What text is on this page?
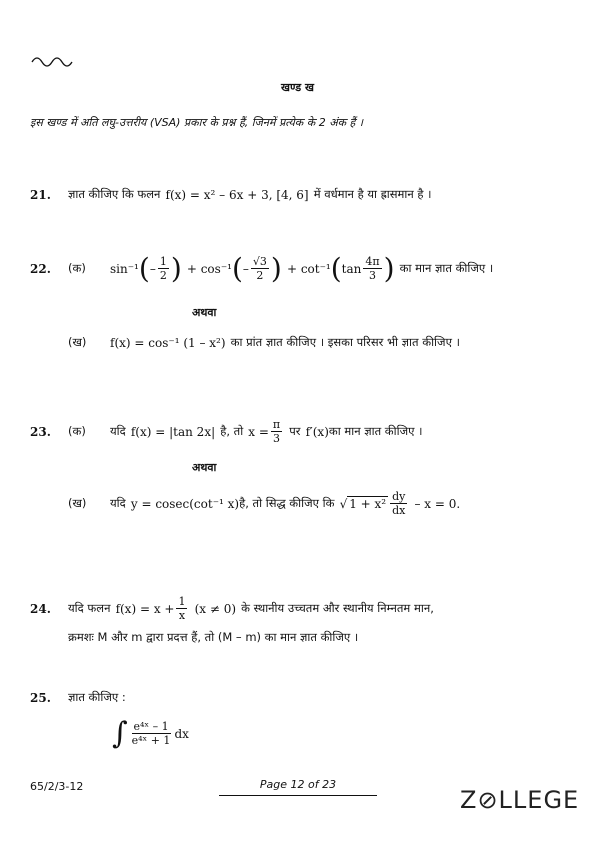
खण्ड ख
इस खण्ड में अति लघु-उत्तरीय (VSA) प्रकार के प्रश्न हैं, जिनमें प्रत्येक के 2 अंक हैं ।
21.	ज्ञात कीजिए कि फलन
f(x) = x² – 6x + 3, [4, 6]
में वर्धमान है या ह्रासमान है ।
22.	(क)	sin⁻¹ ( – $\frac{1}{2}$ )
+ cos⁻¹ ( – $\frac{√3}{2}$ )
+ cot⁻¹ ( $\tan \frac{4\pi}{3}$ )
का मान ज्ञात कीजिए ।
अथवा
(ख)	f(x) = cos⁻¹ (1 – x²)
का प्रांत ज्ञात कीजिए । इसका परिसर भी ज्ञात कीजिए ।
23.	(क)	यदि
f(x) = |tan 2x|
है, तो
$x = \frac{\pi}{3}$
पर
f′(x) का मान ज्ञात कीजिए ।
अथवा
(ख)	यदि
y = cosec(cot⁻¹ x) है, तो सिद्ध कीजिए कि
√ $1 + x^2 \frac{dy}{dx}$
– x = 0.
24.	यदि फलन
$f(x) = x + \frac{1}{x}$
(x ≠ 0)
के स्थानीय उच्चतम और स्थानीय निम्नतम मान,
क्रमशः M और m द्वारा प्रदत्त हैं, तो (M – m) का मान ज्ञात कीजिए ।
25.	ज्ञात कीजिए :
∫ $\frac{\text{e⁴ˣ – 1}}{\text{e⁴ˣ + 1}}$ dx
65/2/3-12	Page 12 of 23
Z⊘LLEGE
